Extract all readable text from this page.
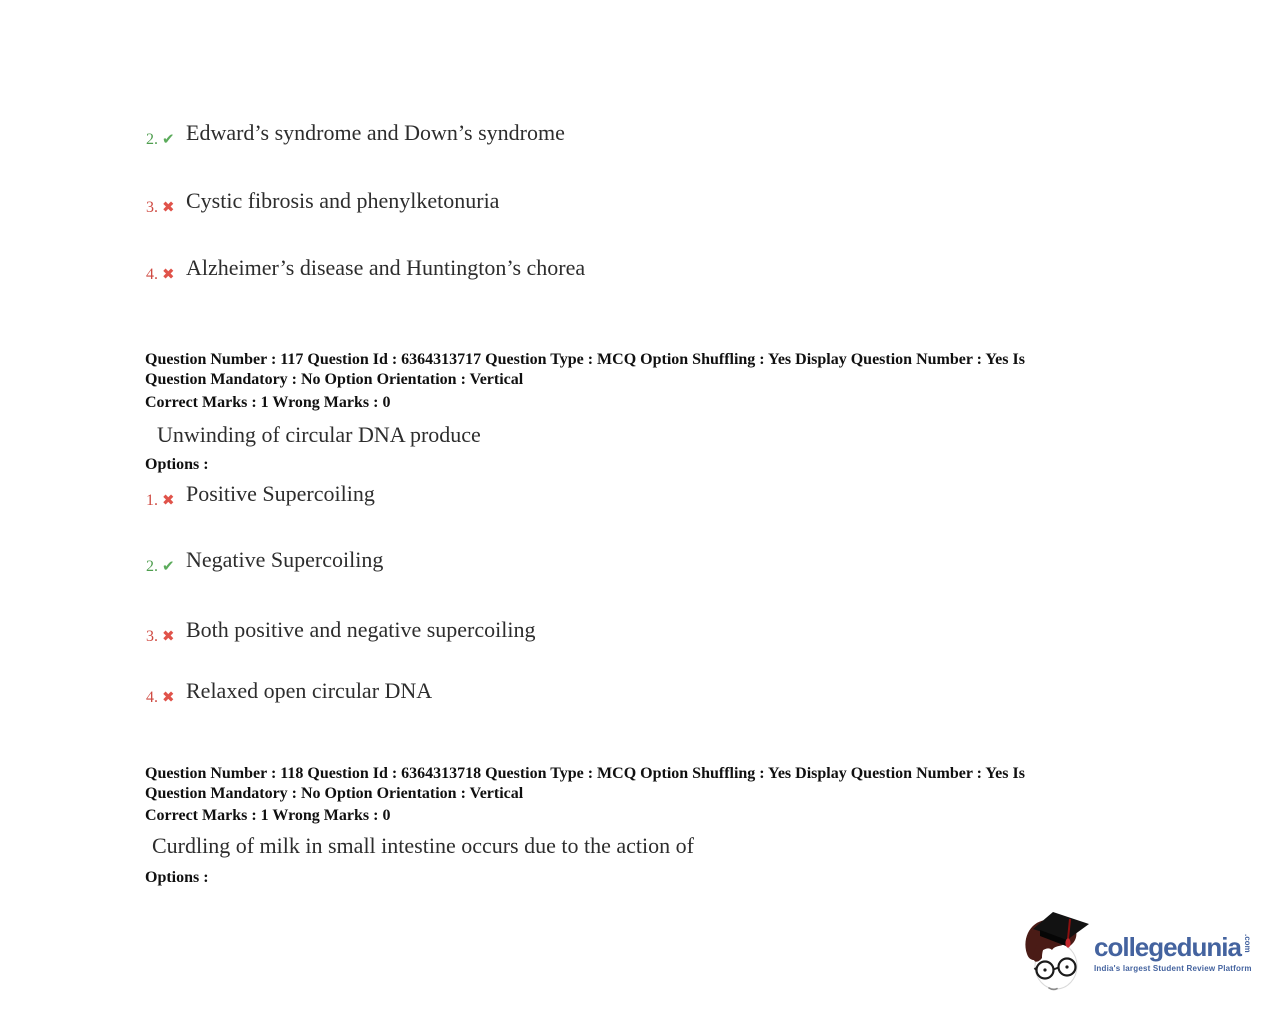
2. ✔ Edward’s syndrome and Down’s syndrome
3. ✖ Cystic fibrosis and phenylketonuria
4. ✖ Alzheimer’s disease and Huntington’s chorea
Question Number : 117 Question Id : 6364313717 Question Type : MCQ Option Shuffling : Yes Display Question Number : Yes Is
Question Mandatory : No Option Orientation : Vertical
Correct Marks : 1 Wrong Marks : 0
Unwinding of circular DNA produce
Options :
1. ✖ Positive Supercoiling
2. ✔ Negative Supercoiling
3. ✖ Both positive and negative supercoiling
4. ✖ Relaxed open circular DNA
Question Number : 118 Question Id : 6364313718 Question Type : MCQ Option Shuffling : Yes Display Question Number : Yes Is
Question Mandatory : No Option Orientation : Vertical
Correct Marks : 1 Wrong Marks : 0
Curdling of milk in small intestine occurs due to the action of
Options :
collegedunia .com
India's largest Student Review Platform
